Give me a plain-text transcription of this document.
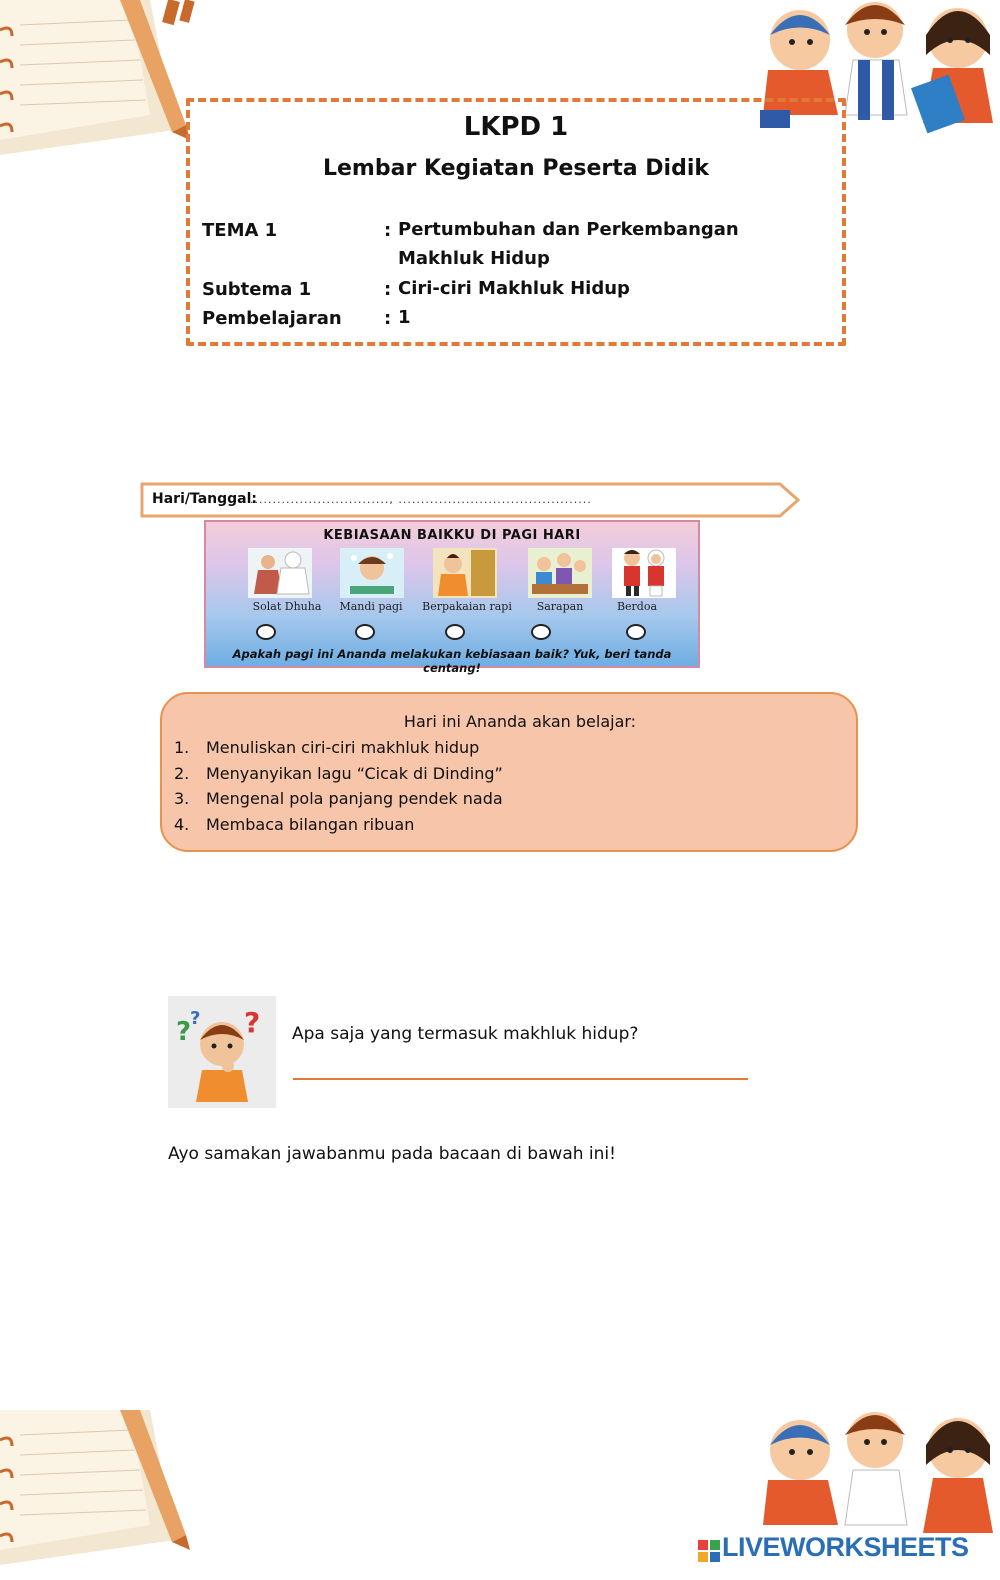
LKPD 1
Lembar Kegiatan Peserta Didik
TEMA 1	: Pertumbuhan dan Perkembangan Makhluk Hidup
Subtema 1	: Ciri-ciri Makhluk Hidup
Pembelajaran : 1
Hari/Tanggal:
..............................., ...........................................
KEBIASAAN BAIKKU DI PAGI HARI
Solat Dhuha	Mandi pagi	Berpakaian rapi	Sarapan	Berdoa
Apakah pagi ini Ananda melakukan kebiasaan baik? Yuk, beri tanda centang!
Hari ini Ananda akan belajar:
1. Menuliskan ciri-ciri makhluk hidup
2. Menyanyikan lagu “Cicak di Dinding”
3. Mengenal pola panjang pendek nada
4. Membaca bilangan ribuan
?
? ? Apa saja yang termasuk makhluk hidup?
Ayo samakan jawabanmu pada bacaan di bawah ini!
LIVEWORKSHEETS
